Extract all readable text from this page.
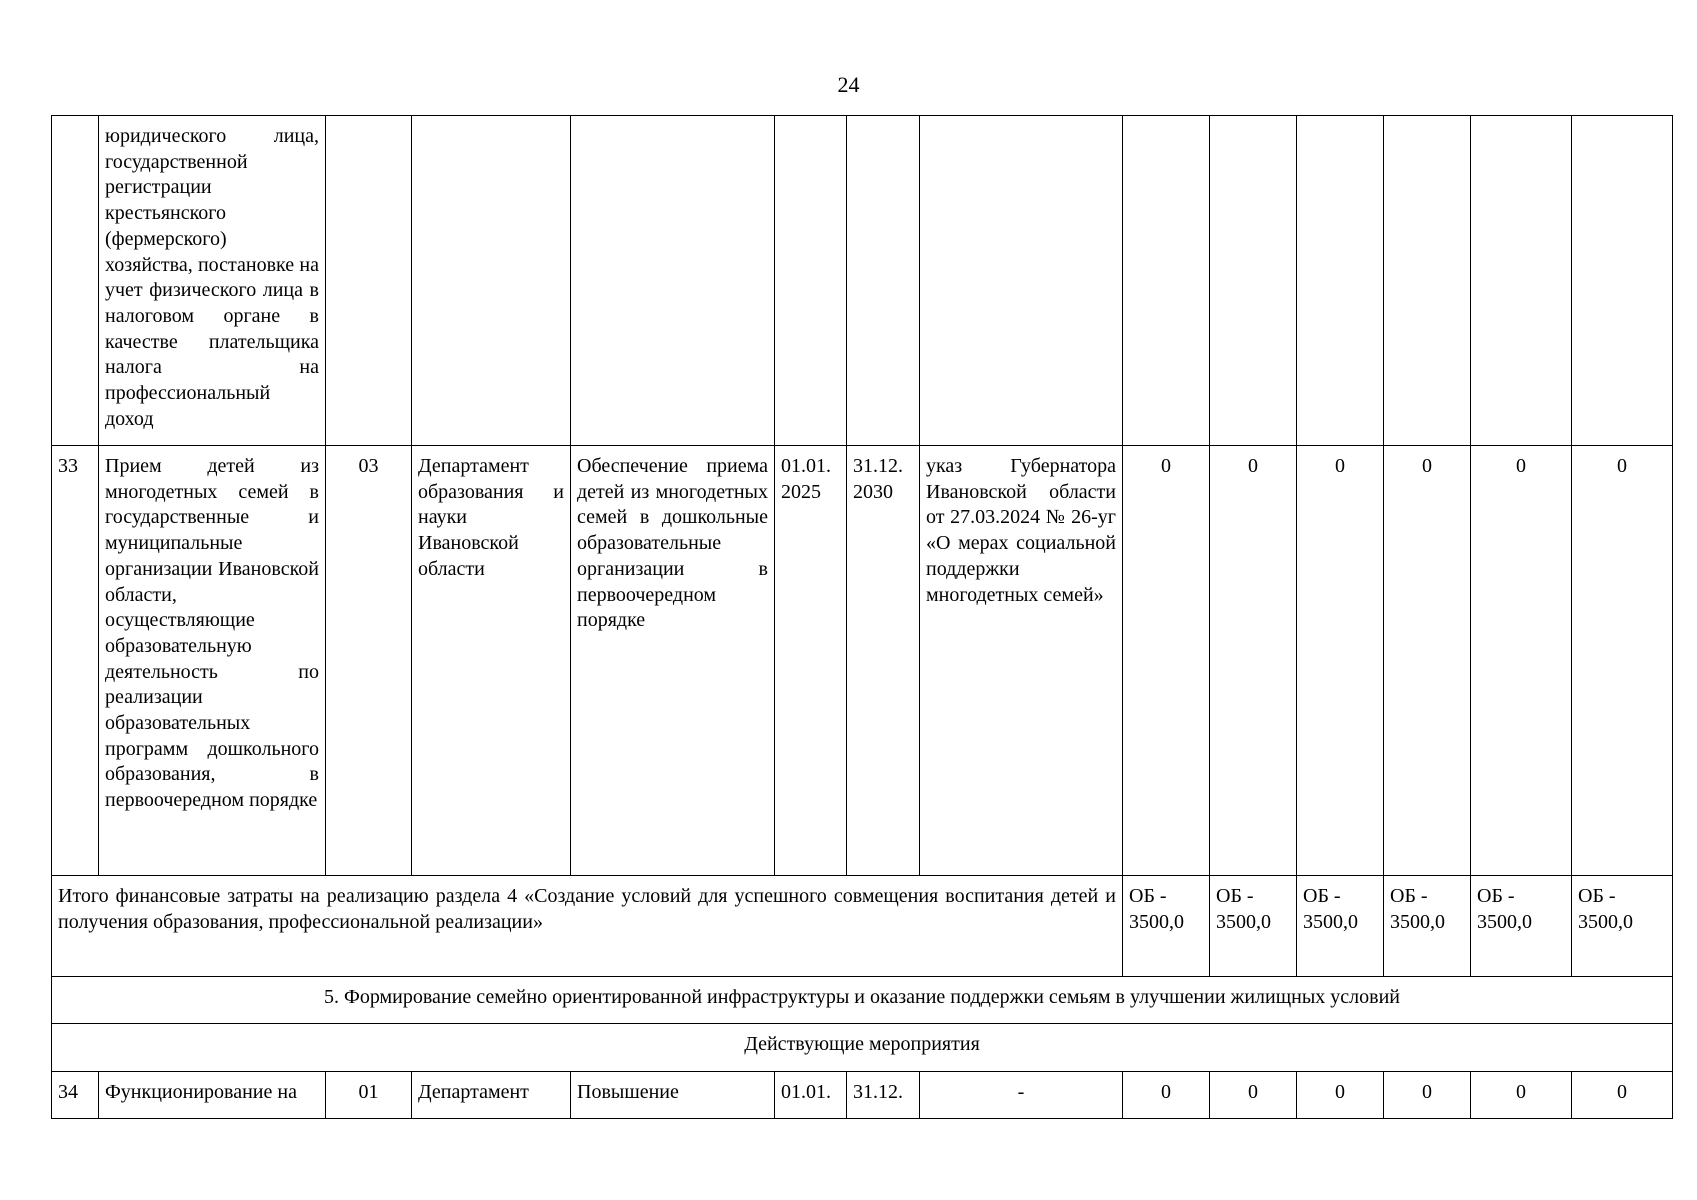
24
	юридического лица, государственной регистрации крестьянского (фермерского) хозяйства, постановке на учет физического лица в налоговом органе в качестве плательщика налога на профессиональный доход												
33	Прием детей из многодетных семей в государственные и муниципальные организации Ивановской области, осуществляющие образовательную деятельность по реализации образовательных программ дошкольного образования, в первоочередном порядке	03	Департамент образования и науки Ивановской области	Обеспечение приема детей из многодетных семей в дошкольные образовательные организации в первоочередном порядке	01.01. 2025	31.12. 2030	указ Губернатора Ивановской области от 27.03.2024 № 26-уг «О мерах социальной поддержки многодетных семей»	0	0	0	0	0	0
Итого финансовые затраты на реализацию раздела 4 «Создание условий для успешного совмещения воспитания детей и получения образования, профессиональной реализации»								ОБ - 3500,0	ОБ - 3500,0	ОБ - 3500,0	ОБ - 3500,0	ОБ - 3500,0	ОБ - 3500,0
5. Формирование семейно ориентированной инфраструктуры и оказание поддержки семьям в улучшении жилищных условий													
Действующие мероприятия													
34	Функционирование на	01	Департамент	Повышение	01.01.	31.12.	-	0	0	0	0	0	0
